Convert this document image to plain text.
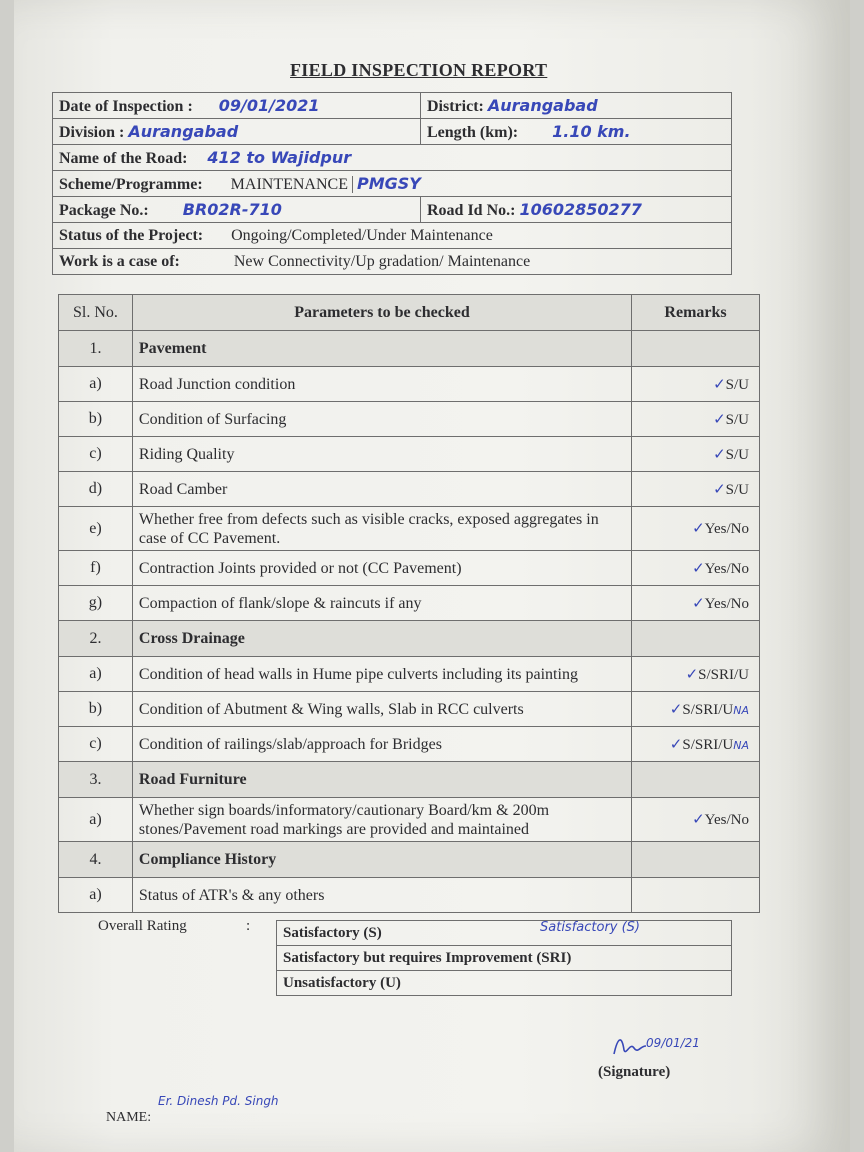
FIELD INSPECTION REPORT
Date of Inspection : 09/01/2021	District: Aurangabad
Division : Aurangabad	Length (km): 1.10 km.
Name of the Road: 412 to Wajidpur	
Scheme/Programme: MAINTENANCE PMGSY	
Package No.: BR02R-710	Road Id No.: 10602850277
Status of the Project: Ongoing/Completed/Under Maintenance	
Work is a case of: New Connectivity/Up gradation/ Maintenance	
Sl. No.	Parameters to be checked	Remarks
1.	Pavement	
a)	Road Junction condition	✓S/U
b)	Condition of Surfacing	✓S/U
c)	Riding Quality	✓S/U
d)	Road Camber	✓S/U
e)	Whether free from defects such as visible cracks, exposed aggregates in case of CC Pavement.	✓Yes/No
f)	Contraction Joints provided or not (CC Pavement)	✓Yes/No
g)	Compaction of flank/slope & raincuts if any	✓Yes/No
2.	Cross Drainage	
a)	Condition of head walls in Hume pipe culverts including its painting	✓S/SRI/U
b)	Condition of Abutment & Wing walls, Slab in RCC culverts	✓S/SRI/UNA
c)	Condition of railings/slab/approach for Bridges	✓S/SRI/UNA
3.	Road Furniture	
a)	Whether sign boards/informatory/cautionary Board/km & 200m stones/Pavement road markings are provided and maintained	✓Yes/No
4.	Compliance History	
a)	Status of ATR's & any others	
Overall Rating	:	Satisfactory (S)
Satisfactory (S)
Satisfactory but requires Improvement (SRI)
Unsatisfactory (U)
09/01/21
(Signature)
NAME:
Er. Dinesh Pd. Singh
